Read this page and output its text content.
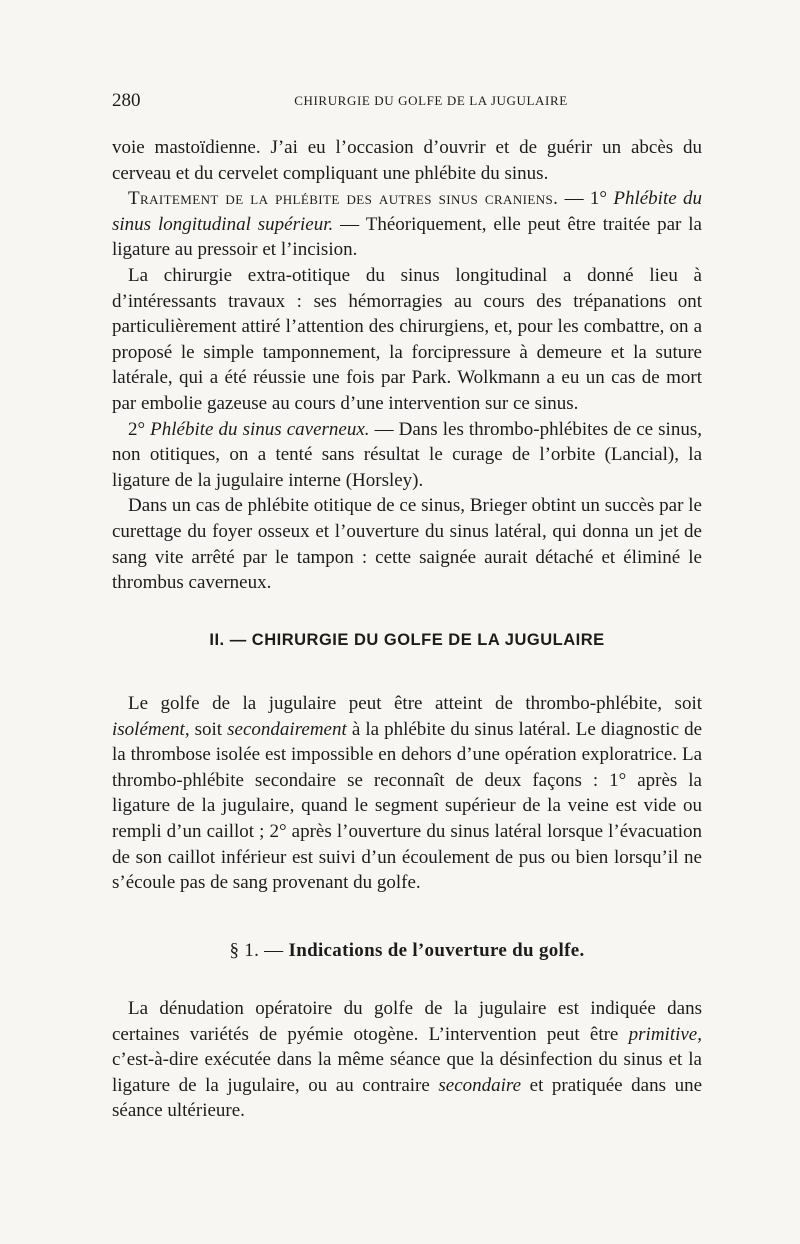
280	CHIRURGIE DU GOLFE DE LA JUGULAIRE

voie mastoïdienne. J’ai eu l’occasion d’ouvrir et de guérir un abcès du cerveau et du cervelet compliquant une phlébite du sinus.

Traitement de la phlébite des autres sinus craniens. — 1° Phlébite du sinus longitudinal supérieur. — Théoriquement, elle peut être traitée par la ligature au pressoir et l’incision.

La chirurgie extra-otitique du sinus longitudinal a donné lieu à d’intéressants travaux : ses hémorragies au cours des trépanations ont particulièrement attiré l’attention des chirurgiens, et, pour les combattre, on a proposé le simple tamponnement, la forcipressure à demeure et la suture latérale, qui a été réussie une fois par Park. Wolkmann a eu un cas de mort par embolie gazeuse au cours d’une intervention sur ce sinus.

2° Phlébite du sinus caverneux. — Dans les thrombo-phlébites de ce sinus, non otitiques, on a tenté sans résultat le curage de l’orbite (Lancial), la ligature de la jugulaire interne (Horsley).

Dans un cas de phlébite otitique de ce sinus, Brieger obtint un succès par le curettage du foyer osseux et l’ouverture du sinus latéral, qui donna un jet de sang vite arrêté par le tampon : cette saignée aurait détaché et éliminé le thrombus caverneux.

II. — CHIRURGIE DU GOLFE DE LA JUGULAIRE

Le golfe de la jugulaire peut être atteint de thrombo-phlébite, soit isolément, soit secondairement à la phlébite du sinus latéral. Le diagnostic de la thrombose isolée est impossible en dehors d’une opération exploratrice. La thrombo-phlébite secondaire se reconnaît de deux façons : 1° après la ligature de la jugulaire, quand le segment supérieur de la veine est vide ou rempli d’un caillot ; 2° après l’ouverture du sinus latéral lorsque l’évacuation de son caillot inférieur est suivi d’un écoulement de pus ou bien lorsqu’il ne s’écoule pas de sang provenant du golfe.

§ 1. — Indications de l’ouverture du golfe.

La dénudation opératoire du golfe de la jugulaire est indiquée dans certaines variétés de pyémie otogène. L’intervention peut être primitive, c’est-à-dire exécutée dans la même séance que la désinfection du sinus et la ligature de la jugulaire, ou au contraire secondaire et pratiquée dans une séance ultérieure.
